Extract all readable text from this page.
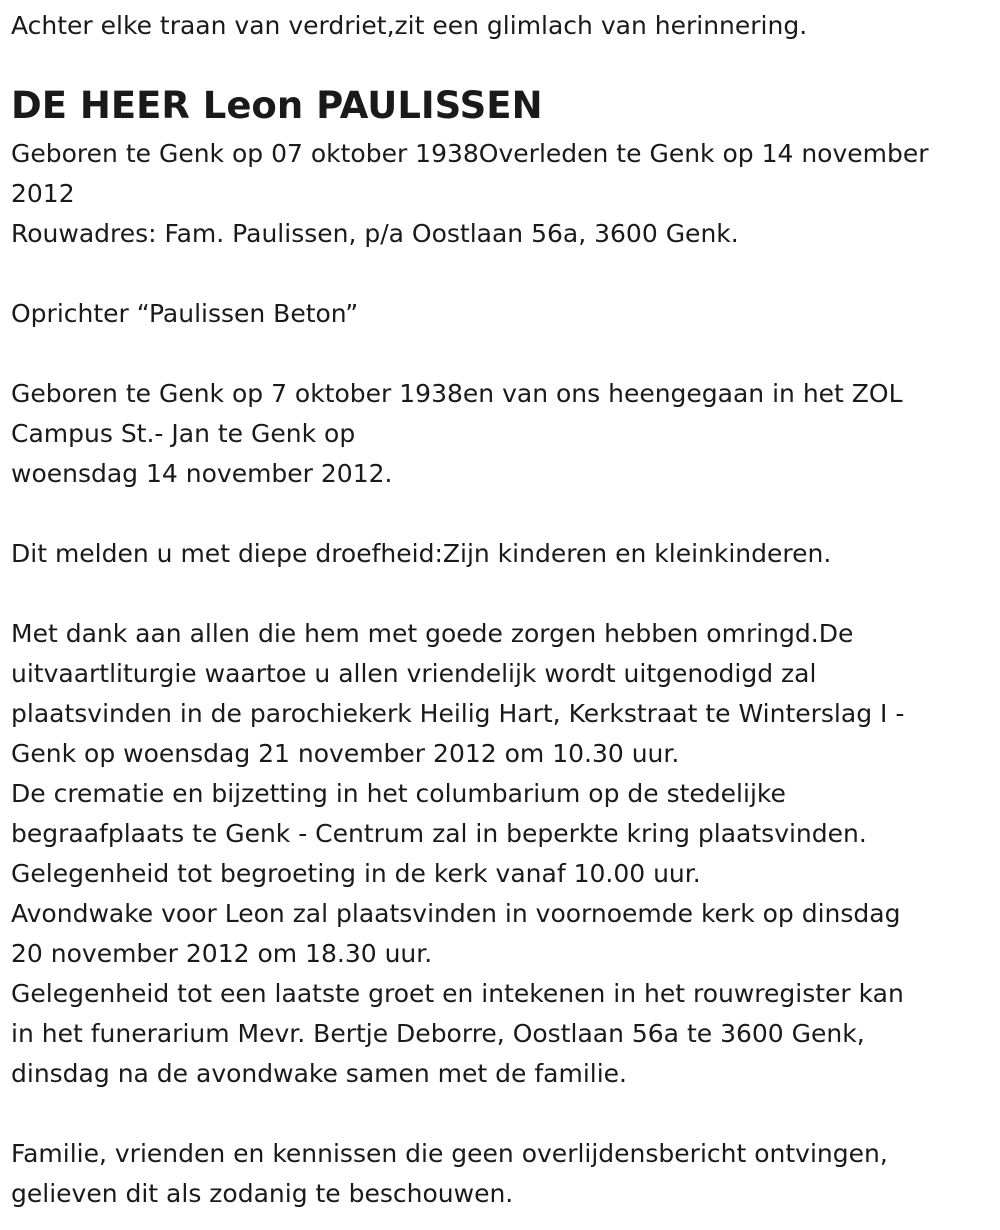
Achter elke traan van verdriet,zit een glimlach van herinnering.
DE HEER Leon PAULISSEN

Geboren te Genk op 07 oktober 1938Overleden te Genk op 14 november

2012

Rouwadres: Fam. Paulissen, p/a Oostlaan 56a, 3600 Genk.

Oprichter “Paulissen Beton”

Geboren te Genk op 7 oktober 1938en van ons heengegaan in het ZOL

Campus St.- Jan te Genk op

woensdag 14 november 2012.

Dit melden u met diepe droefheid:Zijn kinderen en kleinkinderen.

Met dank aan allen die hem met goede zorgen hebben omringd.De

uitvaartliturgie waartoe u allen vriendelijk wordt uitgenodigd zal

plaatsvinden in de parochiekerk Heilig Hart, Kerkstraat te Winterslag I -

Genk op woensdag 21 november 2012 om 10.30 uur.

De crematie en bijzetting in het columbarium op de stedelijke

begraafplaats te Genk - Centrum zal in beperkte kring plaatsvinden.

Gelegenheid tot begroeting in de kerk vanaf 10.00 uur.

Avondwake voor Leon zal plaatsvinden in voornoemde kerk op dinsdag

20 november 2012 om 18.30 uur.

Gelegenheid tot een laatste groet en intekenen in het rouwregister kan

in het funerarium Mevr. Bertje Deborre, Oostlaan 56a te 3600 Genk,

dinsdag na de avondwake samen met de familie.

Familie, vrienden en kennissen die geen overlijdensbericht ontvingen,

gelieven dit als zodanig te beschouwen.
